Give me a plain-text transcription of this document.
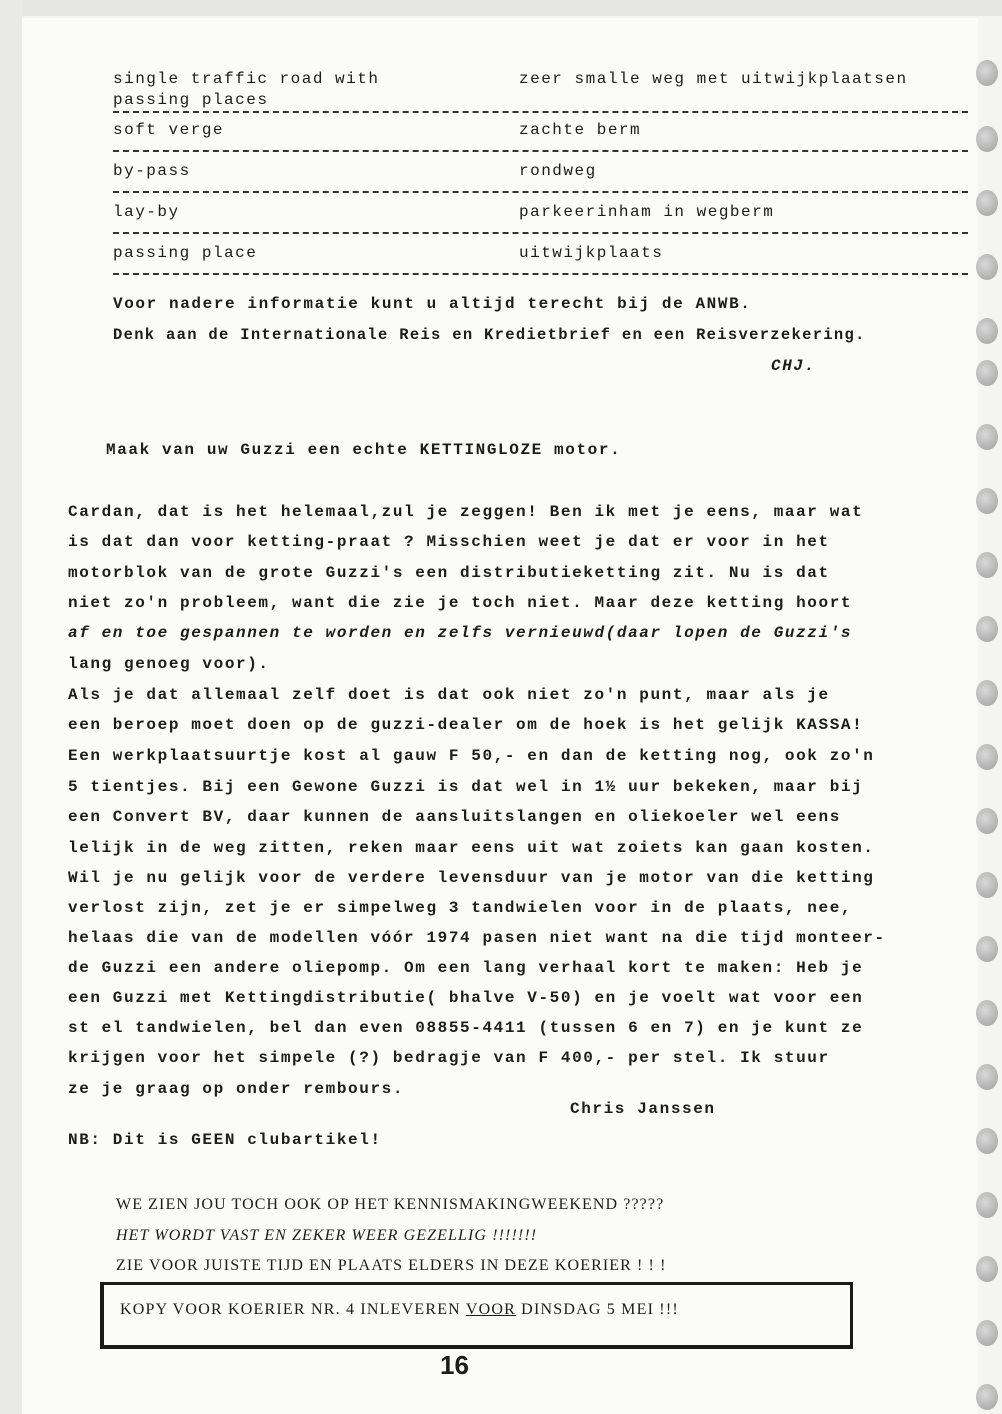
single traffic road with	zeer smalle weg met uitwijkplaatsen
passing places
soft verge	zachte berm
by-pass	rondweg
lay-by	parkeerinham in wegberm
passing place	uitwijkplaats
Voor nadere informatie kunt u altijd terecht bij de ANWB.
Denk aan de Internationale Reis en Kredietbrief en een Reisverzekering.
CHJ.
Maak van uw Guzzi een echte KETTINGLOZE motor.
Cardan, dat is het helemaal,zul je zeggen! Ben ik met je eens, maar wat
is dat dan voor ketting-praat ? Misschien weet je dat er voor in het
motorblok van de grote Guzzi's een distributieketting zit. Nu is dat
niet zo'n probleem, want die zie je toch niet. Maar deze ketting hoort
af en toe gespannen te worden en zelfs vernieuwd(daar lopen de Guzzi's
lang genoeg voor).
Als je dat allemaal zelf doet is dat ook niet zo'n punt, maar als je
een beroep moet doen op de guzzi-dealer om de hoek is het gelijk KASSA!
Een werkplaatsuurtje kost al gauw F 50,- en dan de ketting nog, ook zo'n
5 tientjes. Bij een Gewone Guzzi is dat wel in 1½ uur bekeken, maar bij
een Convert BV, daar kunnen de aansluitslangen en oliekoeler wel eens
lelijk in de weg zitten, reken maar eens uit wat zoiets kan gaan kosten.
Wil je nu gelijk voor de verdere levensduur van je motor van die ketting
verlost zijn, zet je er simpelweg 3 tandwielen voor in de plaats, nee,
helaas die van de modellen vóór 1974 pasen niet want na die tijd monteer-
de Guzzi een andere oliepomp. Om een lang verhaal kort te maken: Heb je
een Guzzi met Kettingdistributie( bhalve V-50) en je voelt wat voor een
st el tandwielen, bel dan even 08855-4411 (tussen 6 en 7) en je kunt ze
krijgen voor het simpele (?) bedragje van F 400,- per stel. Ik stuur
ze je graag op onder rembours.
Chris Janssen
NB: Dit is GEEN clubartikel!
WE ZIEN JOU TOCH OOK OP HET KENNISMAKINGWEEKEND ?????
HET WORDT VAST EN ZEKER WEER GEZELLIG !!!!!!!
ZIE VOOR JUISTE TIJD EN PLAATS ELDERS IN DEZE KOERIER ! ! !
KOPY VOOR KOERIER NR. 4 INLEVEREN VOOR DINSDAG 5 MEI !!!
16
